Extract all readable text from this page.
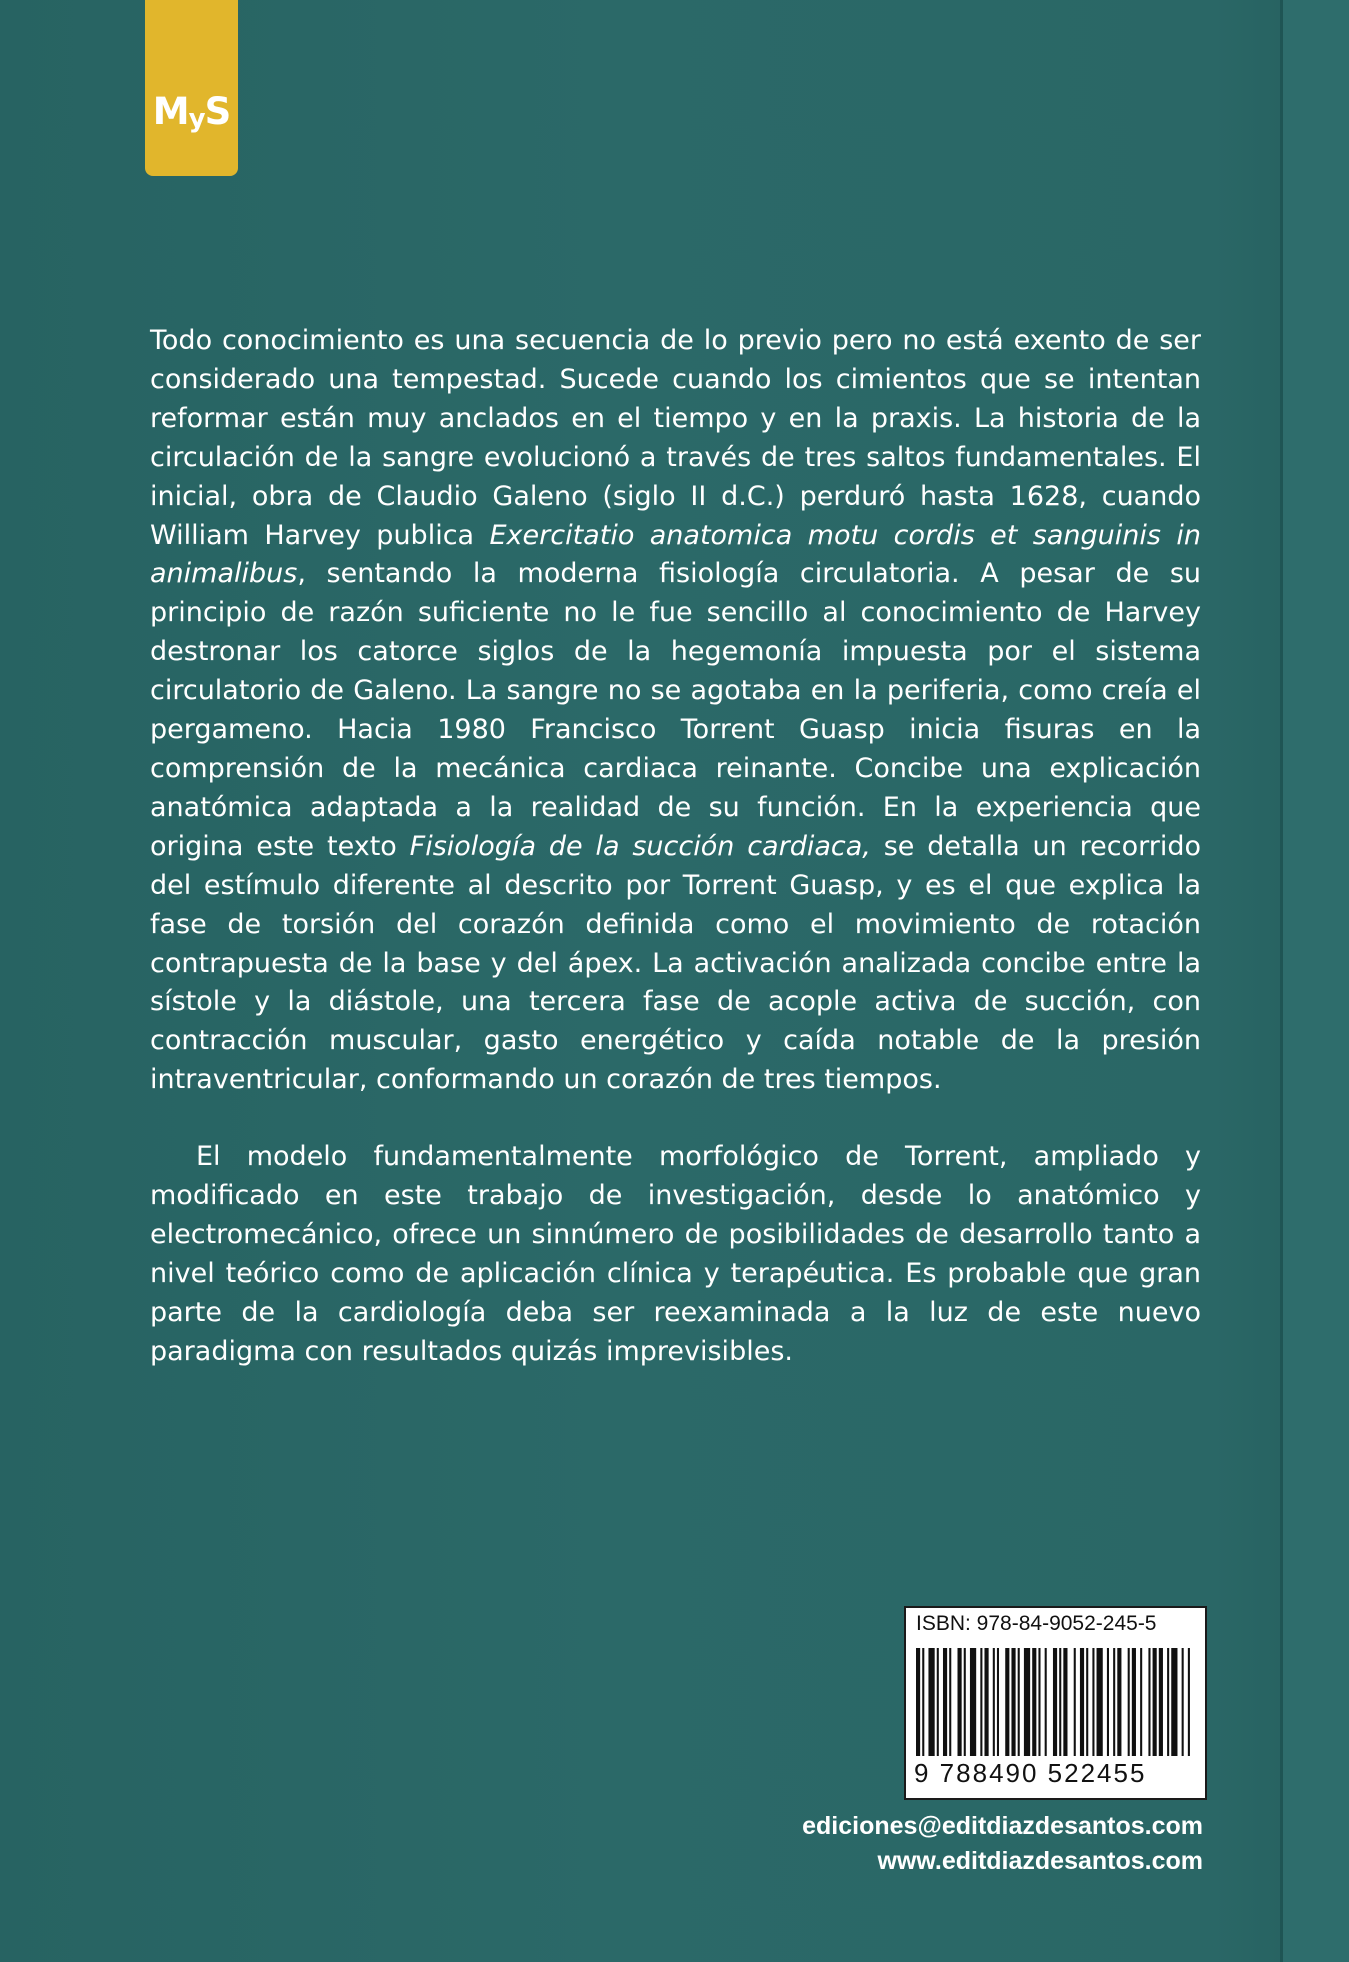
MyS

Todo conocimiento es una secuencia de lo previo pero no está exento de ser considerado una tempestad. Sucede cuando los cimientos que se intentan reformar están muy anclados en el tiempo y en la praxis. La historia de la circulación de la sangre evolucionó a través de tres saltos fundamentales. El inicial, obra de Claudio Galeno (siglo II d.C.) perduró hasta 1628, cuando William Harvey publica Exercitatio anatomica motu cordis et sanguinis in animalibus, sentando la moderna fisiología circulatoria. A pesar de su principio de razón suficiente no le fue sencillo al conocimiento de Harvey destronar los catorce siglos de la hegemonía impuesta por el sistema circulatorio de Galeno. La sangre no se agotaba en la periferia, como creía el pergameno. Hacia 1980 Francisco Torrent Guasp inicia fisuras en la comprensión de la mecánica cardiaca reinante. Concibe una explicación anatómica adaptada a la realidad de su función. En la experiencia que origina este texto Fisiología de la succión cardiaca, se detalla un recorrido del estímulo diferente al descrito por Torrent Guasp, y es el que explica la fase de torsión del corazón definida como el movimiento de rotación contrapuesta de la base y del ápex. La activación analizada concibe entre la sístole y la diástole, una tercera fase de acople activa de succión, con contracción muscular, gasto energético y caída notable de la presión intraventricular, conformando un corazón de tres tiempos.

El modelo fundamentalmente morfológico de Torrent, ampliado y modificado en este trabajo de investigación, desde lo anatómico y electromecánico, ofrece un sinnúmero de posibilidades de desarrollo tanto a nivel teórico como de aplicación clínica y terapéutica. Es probable que gran parte de la cardiología deba ser reexaminada a la luz de este nuevo paradigma con resultados quizás imprevisibles.

ISBN: 978-84-9052-245-5
9 788490 522455
ediciones@editdiazdesantos.com
www.editdiazdesantos.com
